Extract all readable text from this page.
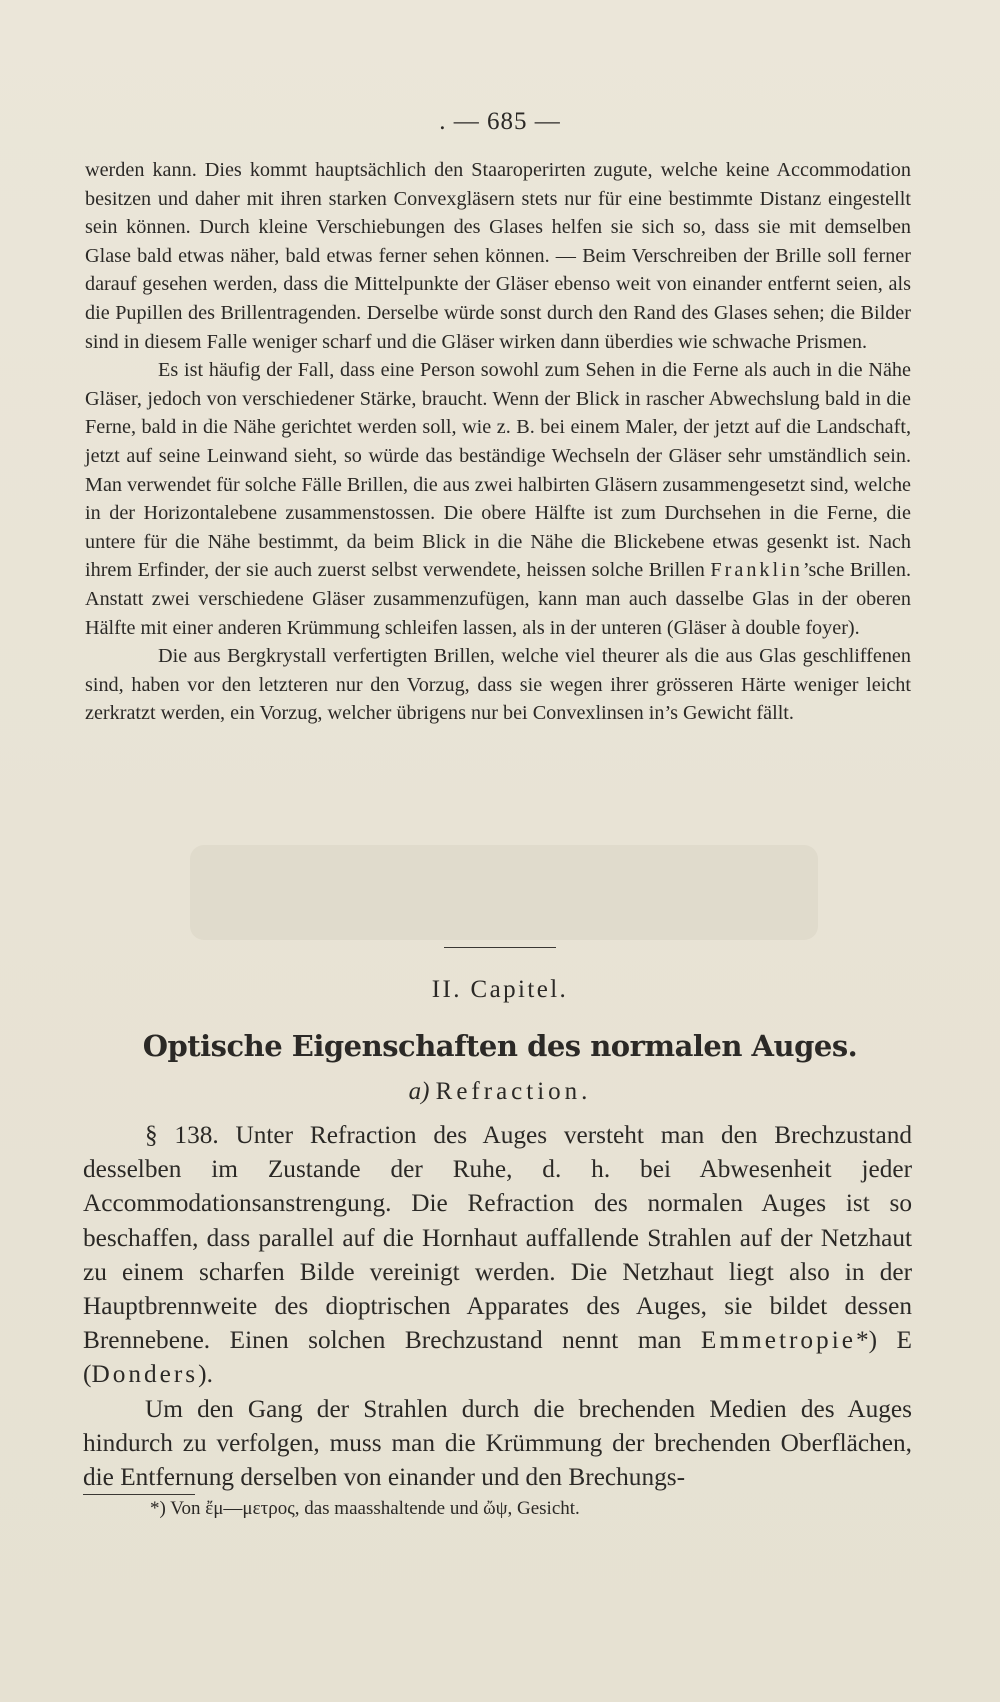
. — 685 —

werden kann. Dies kommt hauptsächlich den Staaroperirten zugute, welche keine Accommodation besitzen und daher mit ihren starken Convexgläsern stets nur für eine bestimmte Distanz eingestellt sein können. Durch kleine Verschiebungen des Glases helfen sie sich so, dass sie mit demselben Glase bald etwas näher, bald etwas ferner sehen können. — Beim Verschreiben der Brille soll ferner darauf gesehen werden, dass die Mittelpunkte der Gläser ebenso weit von einander entfernt seien, als die Pupillen des Brillentragenden. Derselbe würde sonst durch den Rand des Glases sehen; die Bilder sind in diesem Falle weniger scharf und die Gläser wirken dann überdies wie schwache Prismen.

Es ist häufig der Fall, dass eine Person sowohl zum Sehen in die Ferne als auch in die Nähe Gläser, jedoch von verschiedener Stärke, braucht. Wenn der Blick in rascher Abwechslung bald in die Ferne, bald in die Nähe gerichtet werden soll, wie z. B. bei einem Maler, der jetzt auf die Landschaft, jetzt auf seine Leinwand sieht, so würde das beständige Wechseln der Gläser sehr umständlich sein. Man verwendet für solche Fälle Brillen, die aus zwei halbirten Gläsern zusammengesetzt sind, welche in der Horizontalebene zusammenstossen. Die obere Hälfte ist zum Durchsehen in die Ferne, die untere für die Nähe bestimmt, da beim Blick in die Nähe die Blickebene etwas gesenkt ist. Nach ihrem Erfinder, der sie auch zuerst selbst verwendete, heissen solche Brillen Franklin’sche Brillen. Anstatt zwei verschiedene Gläser zusammenzufügen, kann man auch dasselbe Glas in der oberen Hälfte mit einer anderen Krümmung schleifen lassen, als in der unteren (Gläser à double foyer).

Die aus Bergkrystall verfertigten Brillen, welche viel theurer als die aus Glas geschliffenen sind, haben vor den letzteren nur den Vorzug, dass sie wegen ihrer grösseren Härte weniger leicht zerkratzt werden, ein Vorzug, welcher übrigens nur bei Convexlinsen in’s Gewicht fällt.

II. Capitel.
Optische Eigenschaften des normalen Auges.
a) Refraction.

§ 138. Unter Refraction des Auges versteht man den Brechzustand desselben im Zustande der Ruhe, d. h. bei Abwesenheit jeder Accommodationsanstrengung. Die Refraction des normalen Auges ist so beschaffen, dass parallel auf die Hornhaut auffallende Strahlen auf der Netzhaut zu einem scharfen Bilde vereinigt werden. Die Netzhaut liegt also in der Hauptbrennweite des dioptrischen Apparates des Auges, sie bildet dessen Brennebene. Einen solchen Brechzustand nennt man Emmetropie*) E (Donders).

Um den Gang der Strahlen durch die brechenden Medien des Auges hindurch zu verfolgen, muss man die Krümmung der brechenden Oberflächen, die Entfernung derselben von einander und den Brechungs-

*) Von ἔμ—μετρος, das maasshaltende und ὤψ, Gesicht.
